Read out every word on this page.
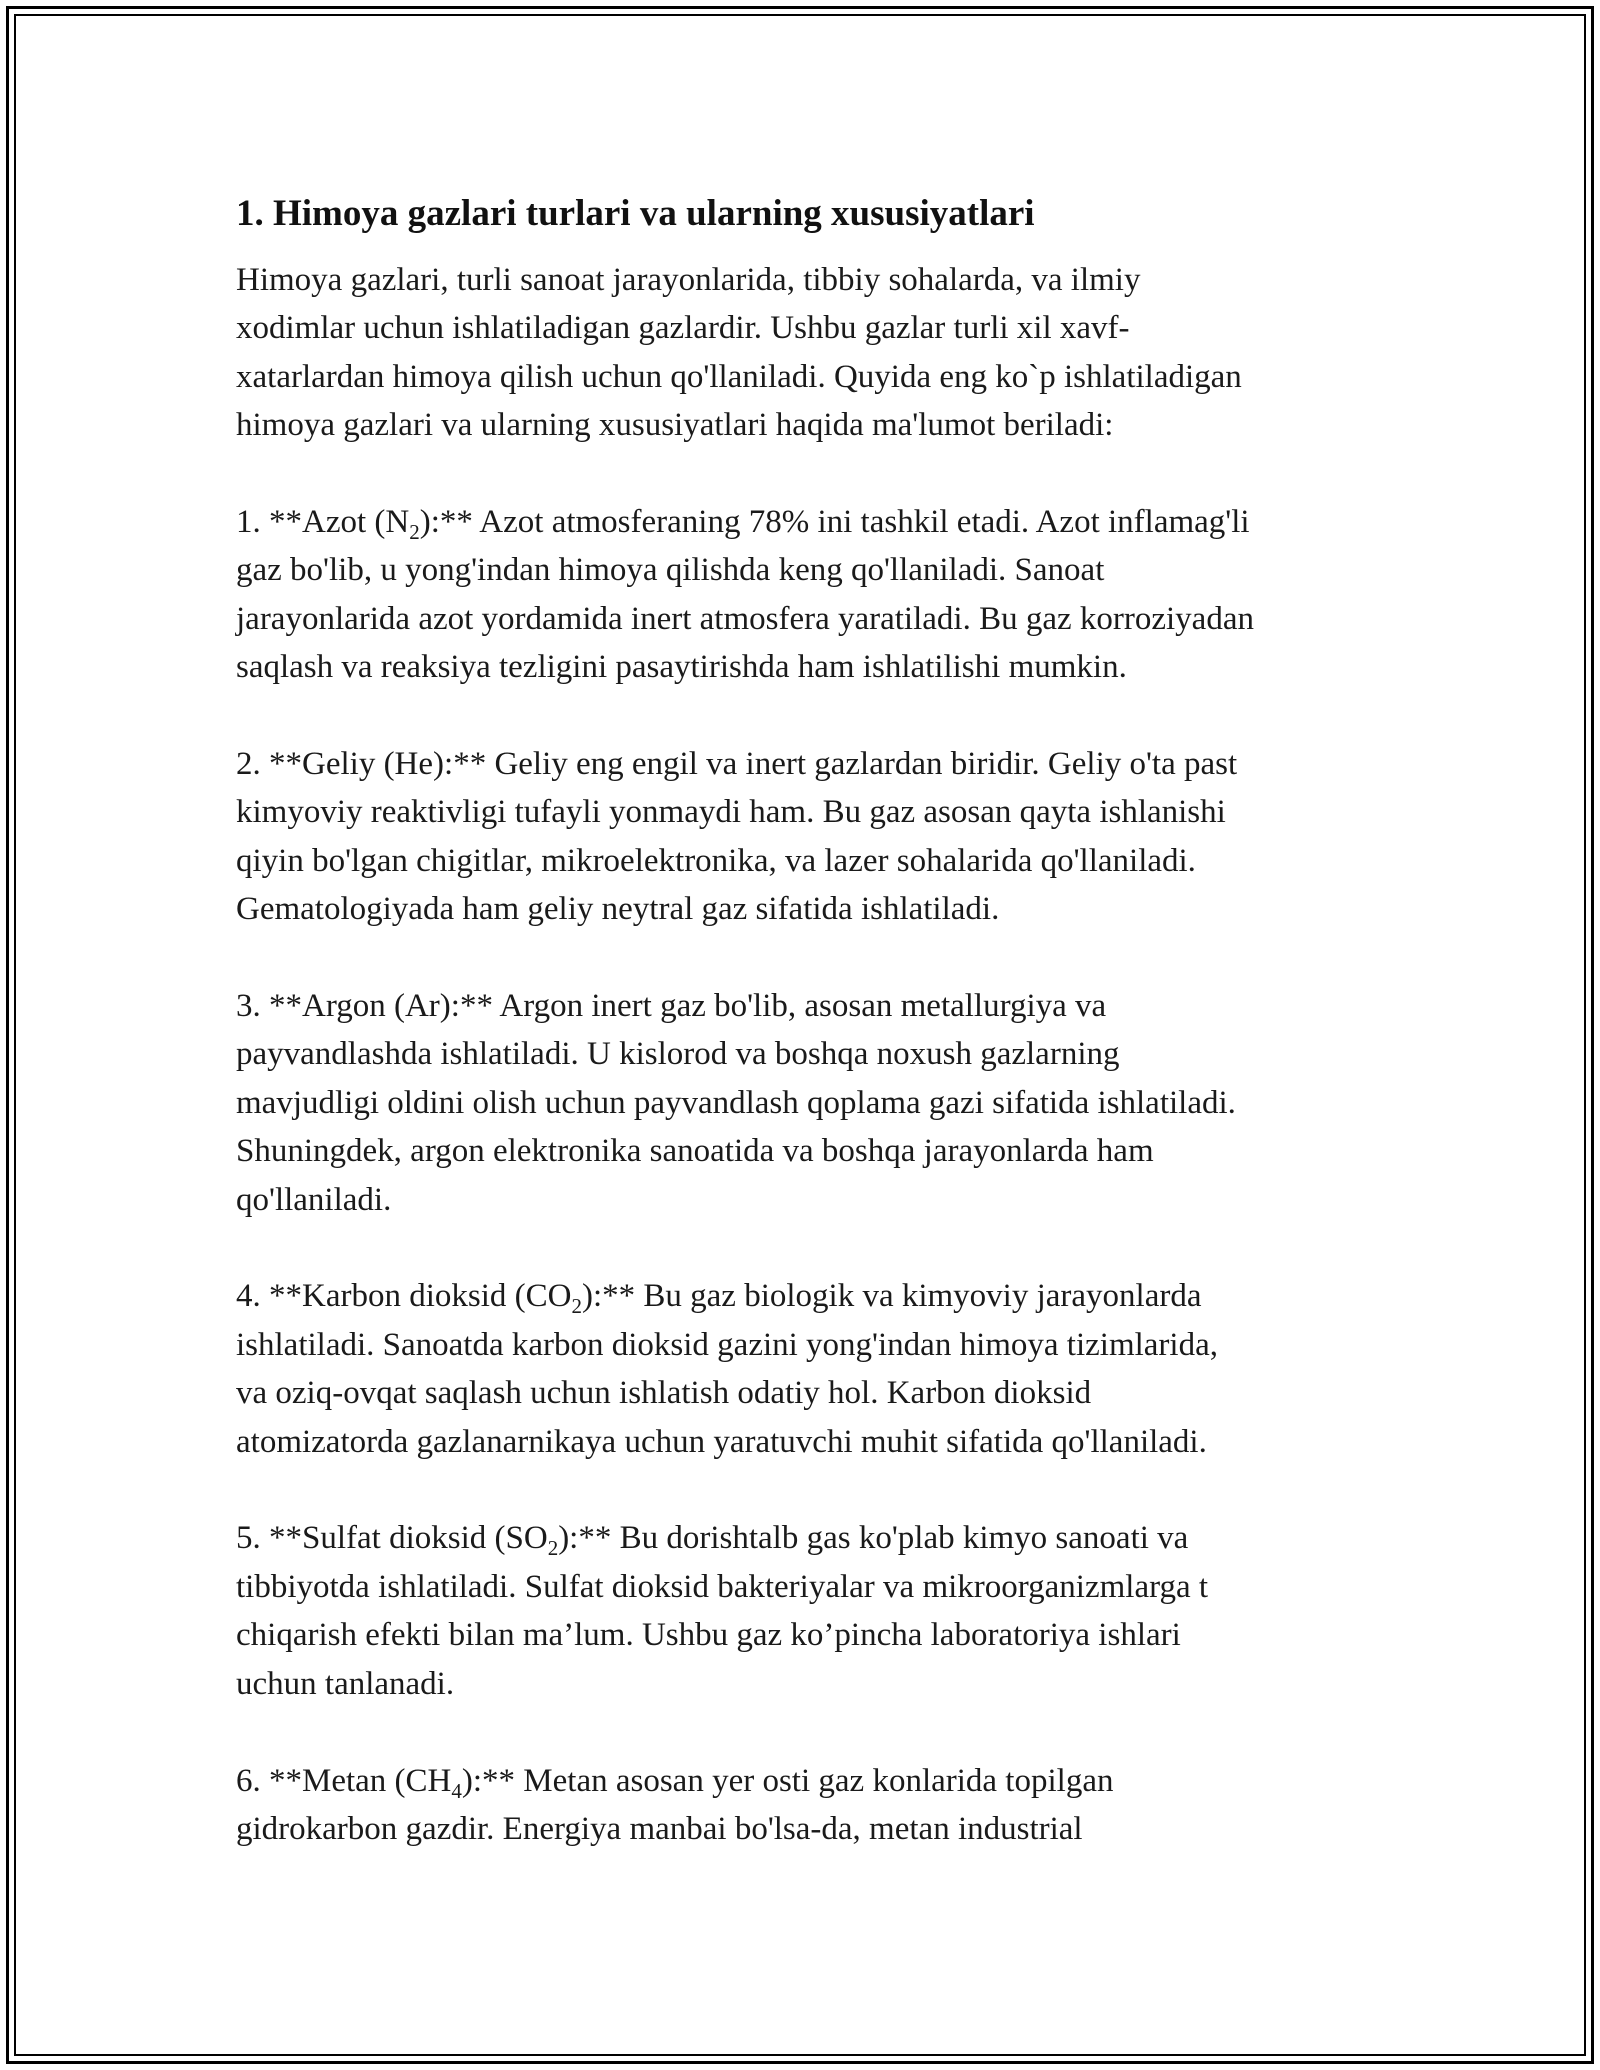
1. Himoya gazlari turlari va ularning xususiyatlari

Himoya gazlari, turli sanoat jarayonlarida, tibbiy sohalarda, va ilmiy
xodimlar uchun ishlatiladigan gazlardir. Ushbu gazlar turli xil xavf-
xatarlardan himoya qilish uchun qo'llaniladi. Quyida eng ko`p ishlatiladigan
himoya gazlari va ularning xususiyatlari haqida ma'lumot beriladi:

1. **Azot $(N_2):**$ Azot atmosferaning 78% ini tashkil etadi. Azot inflamag'li
gaz bo'lib, u yong'indan himoya qilishda keng qo'llaniladi. Sanoat
jarayonlarida azot yordamida inert atmosfera yaratiladi. Bu gaz korroziyadan
saqlash va reaksiya tezligini pasaytirishda ham ishlatilishi mumkin.

2. **Geliy (He):** Geliy eng engil va inert gazlardan biridir. Geliy o'ta past
kimyoviy reaktivligi tufayli yonmaydi ham. Bu gaz asosan qayta ishlanishi
qiyin bo'lgan chigitlar, mikroelektronika, va lazer sohalarida qo'llaniladi.
Gematologiyada ham geliy neytral gaz sifatida ishlatiladi.

3. **Argon (Ar):** Argon inert gaz bo'lib, asosan metallurgiya va
payvandlashda ishlatiladi. U kislorod va boshqa noxush gazlarning
mavjudligi oldini olish uchun payvandlash qoplama gazi sifatida ishlatiladi.
Shuningdek, argon elektronika sanoatida va boshqa jarayonlarda ham
qo'llaniladi.

4. **Karbon dioksid $(CO_2):**$ Bu gaz biologik va kimyoviy jarayonlarda
ishlatiladi. Sanoatda karbon dioksid gazini yong'indan himoya tizimlarida,
va oziq-ovqat saqlash uchun ishlatish odatiy hol. Karbon dioksid
atomizatorda gazlanarnikaya uchun yaratuvchi muhit sifatida qo'llaniladi.

5. **Sulfat dioksid $(SO_2):**$ Bu dorishtalb gas ko'plab kimyo sanoati va
tibbiyotda ishlatiladi. Sulfat dioksid bakteriyalar va mikroorganizmlarga t
chiqarish efekti bilan ma’lum. Ushbu gaz ko’pincha laboratoriya ishlari
uchun tanlanadi.

6. **Metan $(CH_4):**$ Metan asosan yer osti gaz konlarida topilgan
gidrokarbon gazdir. Energiya manbai bo'lsa-da, metan industrial
